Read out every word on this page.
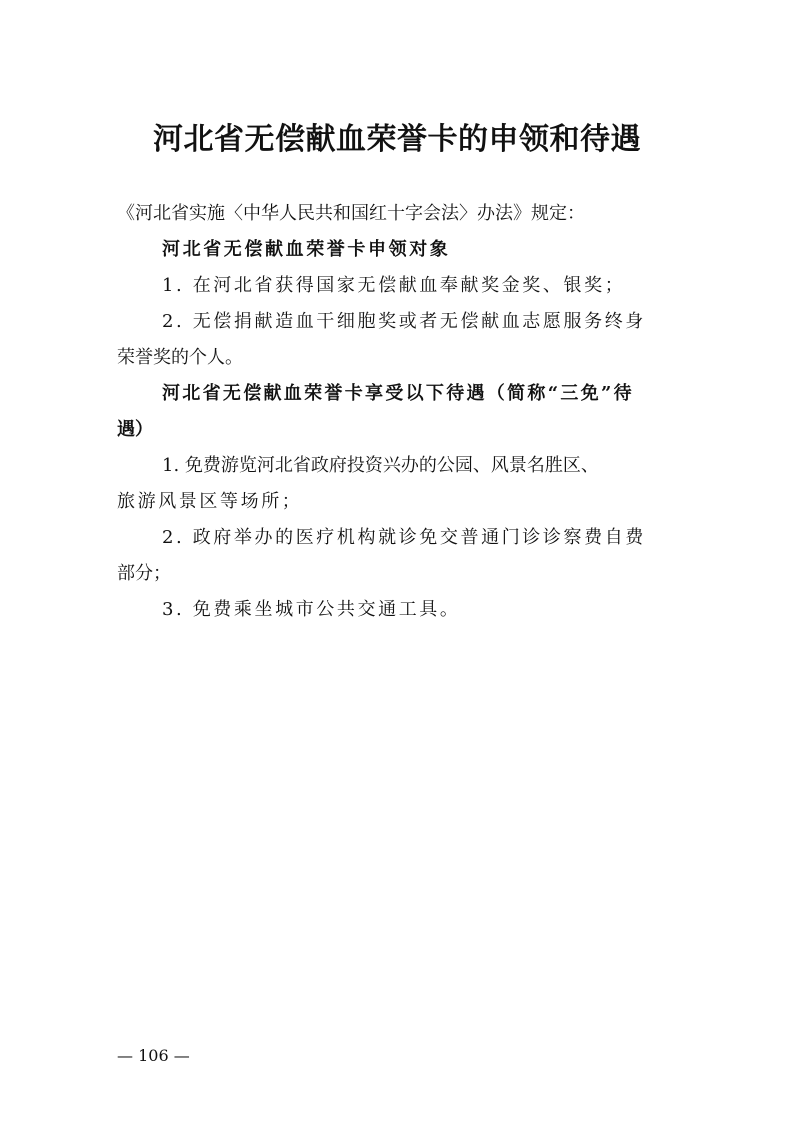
河北省无偿献血荣誉卡的申领和待遇

《河北省实施〈中华人民共和国红十字会法〉办法》规定：

河北省无偿献血荣誉卡申领对象

1. 在河北省获得国家无偿献血奉献奖金奖、银奖；

2. 无偿捐献造血干细胞奖或者无偿献血志愿服务终身

荣誉奖的个人。

河北省无偿献血荣誉卡享受以下待遇（简称“三免”待

遇）

1. 免费游览河北省政府投资兴办的公园、风景名胜区、

旅游风景区等场所；

2. 政府举办的医疗机构就诊免交普通门诊诊察费自费

部分；

3. 免费乘坐城市公共交通工具。

— 106 —
